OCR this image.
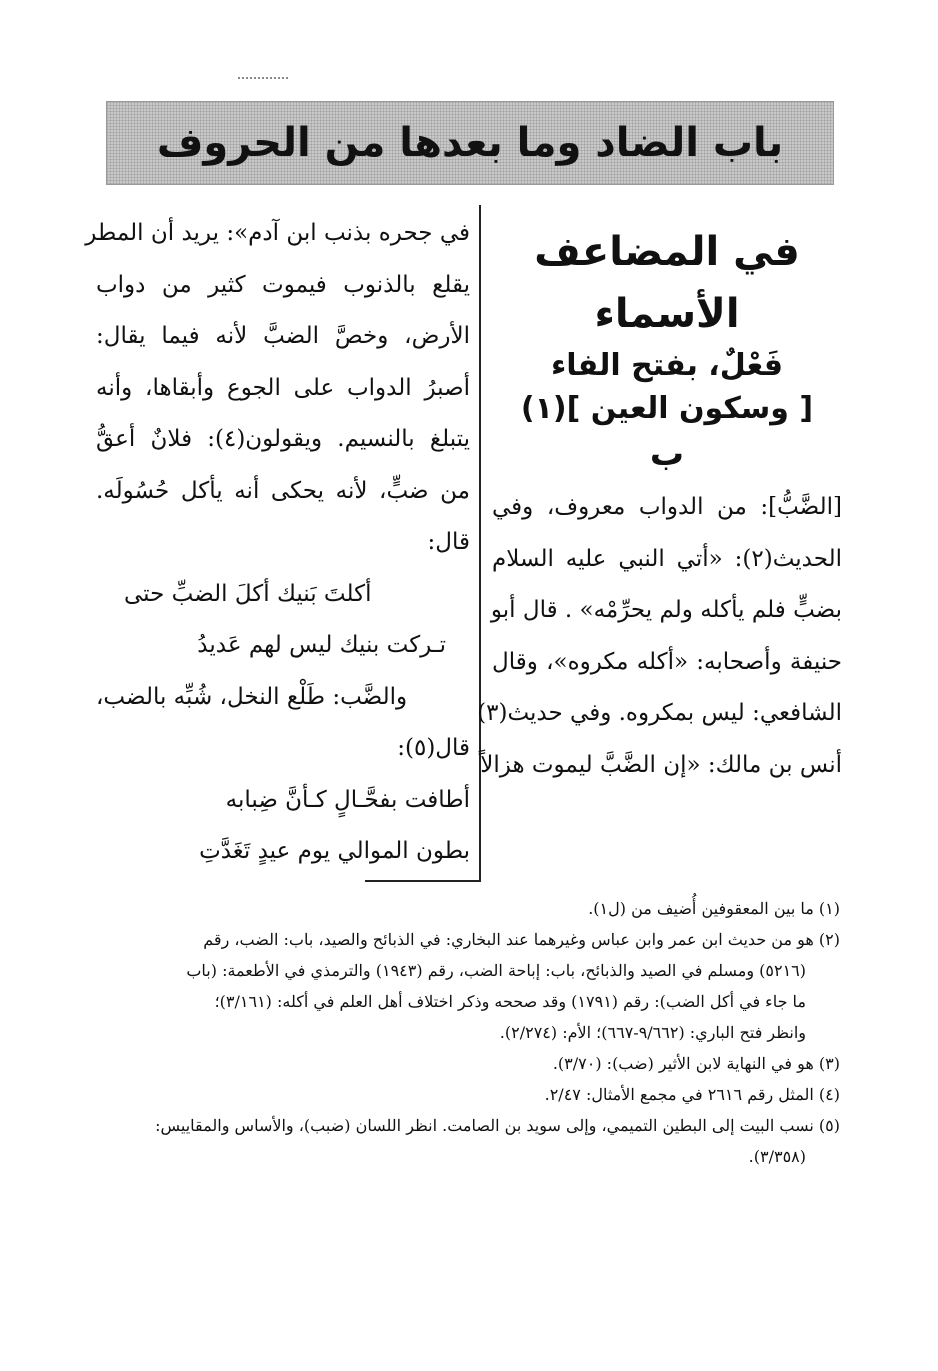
باب الضاد وما بعدها من الحروف
في المضاعف
الأسماء
فَعْلٌ، بفتح الفاء
[ وسكون العين ](١)
ب
[الضَّبُّ]: من الدواب معروف، وفي
الحديث(٢): «أتي النبي عليه السلام
بضبٍّ فلم يأكله ولم يحرِّمْه» . قال أبو
حنيفة وأصحابه: «أكله مكروه»، وقال
الشافعي: ليس بمكروه. وفي حديث(٣)
أنس بن مالك: «إن الضَّبَّ ليموت هزالاً
في جحره بذنب ابن آدم»: يريد أن المطر
يقلع بالذنوب فيموت كثير من دواب
الأرض، وخصَّ الضبَّ لأنه فيما يقال:
أصبرُ الدواب على الجوع وأبقاها، وأنه
يتبلغ بالنسيم. ويقولون(٤): فلانٌ أعقُّ
من ضبٍّ، لأنه يحكى أنه يأكل حُسُولَه.
قال:
أكلتَ بَنيك أكلَ الضبِّ حتى
تـركت بنيك ليس لهم عَديدُ
والضَّب: طَلْع النخل، شُبِّه بالضب،
قال(٥):
أطافت بفحَّـالٍ كـأنَّ ضِبابه
بطون الموالي يوم عيدٍ تَغَدَّتِ
(١) ما بين المعقوفين أُضيف من (ل١).
(٢) هو من حديث ابن عمر وابن عباس وغيرهما عند البخاري: في الذبائح والصيد، باب: الضب، رقم
(٥٢١٦) ومسلم في الصيد والذبائح، باب: إباحة الضب، رقم (١٩٤٣) والترمذي في الأطعمة: (باب
ما جاء في أكل الضب): رقم (١٧٩١) وقد صححه وذكر اختلاف أهل العلم في أكله: (٣/١٦١)؛
وانظر فتح الباري: (٩/٦٦٢-٦٦٧)؛ الأم: (٢/٢٧٤).
(٣) هو في النهاية لابن الأثير (ضب): (٣/٧٠).
(٤) المثل رقم ٢٦١٦ في مجمع الأمثال: ٢/٤٧.
(٥) نسب البيت إلى البطين التميمي، وإلى سويد بن الصامت. انظر اللسان (ضبب)، والأساس والمقاييس:
(٣/٣٥٨).
